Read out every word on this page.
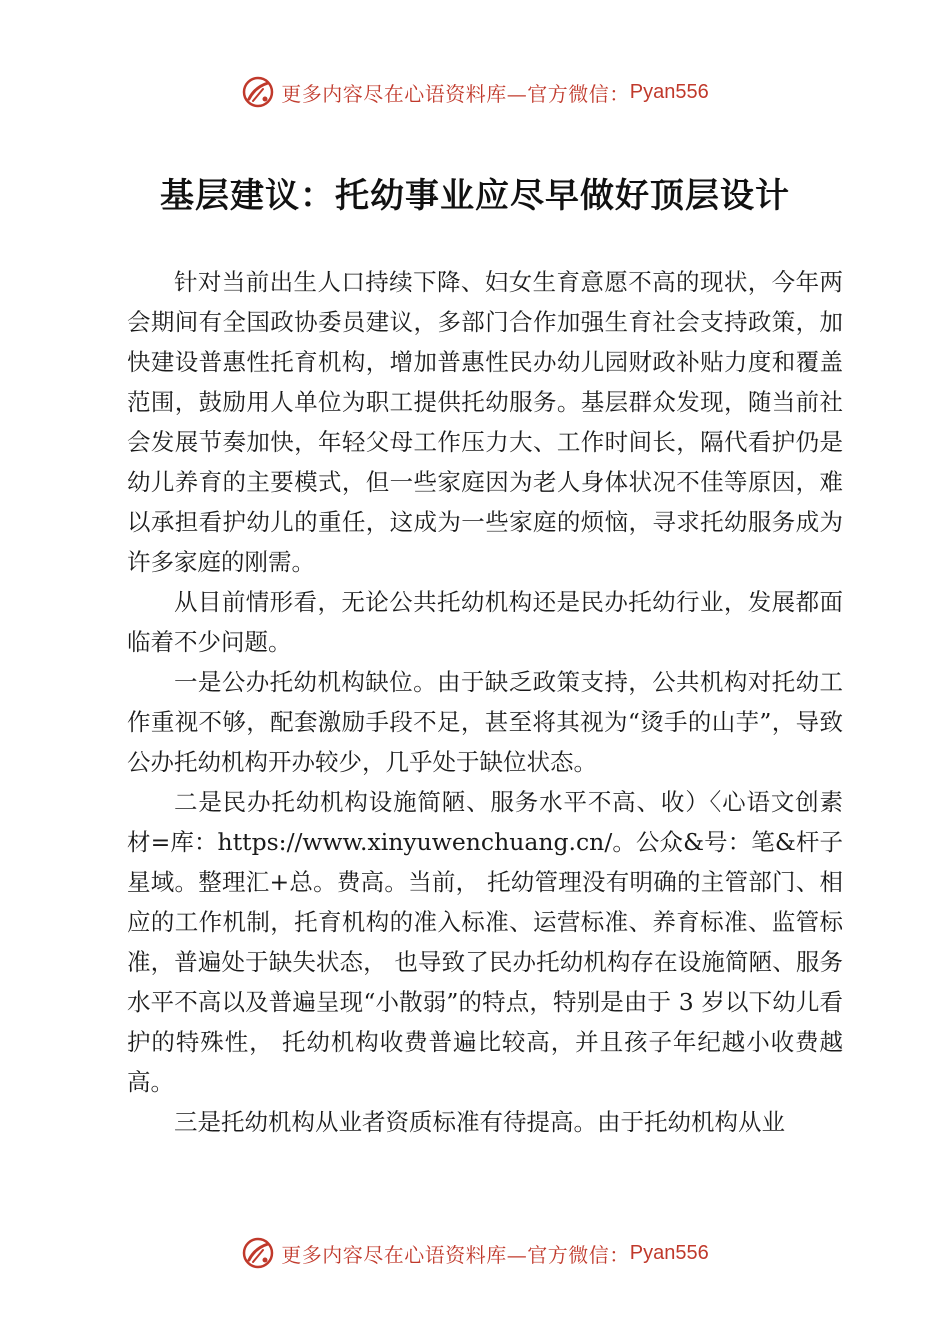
更多内容尽在心语资料库—官方微信： Pyan556
基层建议：托幼事业应尽早做好顶层设计

针对当前出生人口持续下降、妇女生育意愿不高的现状，今年两会期间有全国政协委员建议，多部门合作加强生育社会支持政策，加快建设普惠性托育机构，增加普惠性民办幼儿园财政补贴力度和覆盖范围，鼓励用人单位为职工提供托幼服务。基层群众发现，随当前社会发展节奏加快，年轻父母工作压力大、工作时间长，隔代看护仍是幼儿养育的主要模式，但一些家庭因为老人身体状况不佳等原因，难以承担看护幼儿的重任，这成为一些家庭的烦恼，寻求托幼服务成为许多家庭的刚需。

从目前情形看，无论公共托幼机构还是民办托幼行业，发展都面临着不少问题。

一是公办托幼机构缺位。由于缺乏政策支持，公共机构对托幼工作重视不够，配套激励手段不足，甚至将其视为“烫手的山芋”，导致公办托幼机构开办较少，几乎处于缺位状态。

二是民办托幼机构设施简陋、服务水平不高、收）〈心语文创素材=库：https://www.xinyuwenchuang.cn/。公众&号：笔&杆子星域。整理汇+总。费高。当前， 托幼管理没有明确的主管部门、相应的工作机制，托育机构的准入标准、运营标准、养育标准、监管标准，普遍处于缺失状态， 也导致了民办托幼机构存在设施简陋、服务水平不高以及普遍呈现“小散弱”的特点，特别是由于 3 岁以下幼儿看护的特殊性， 托幼机构收费普遍比较高，并且孩子年纪越小收费越高。

三是托幼机构从业者资质标准有待提高。由于托幼机构从业

更多内容尽在心语资料库—官方微信： Pyan556
